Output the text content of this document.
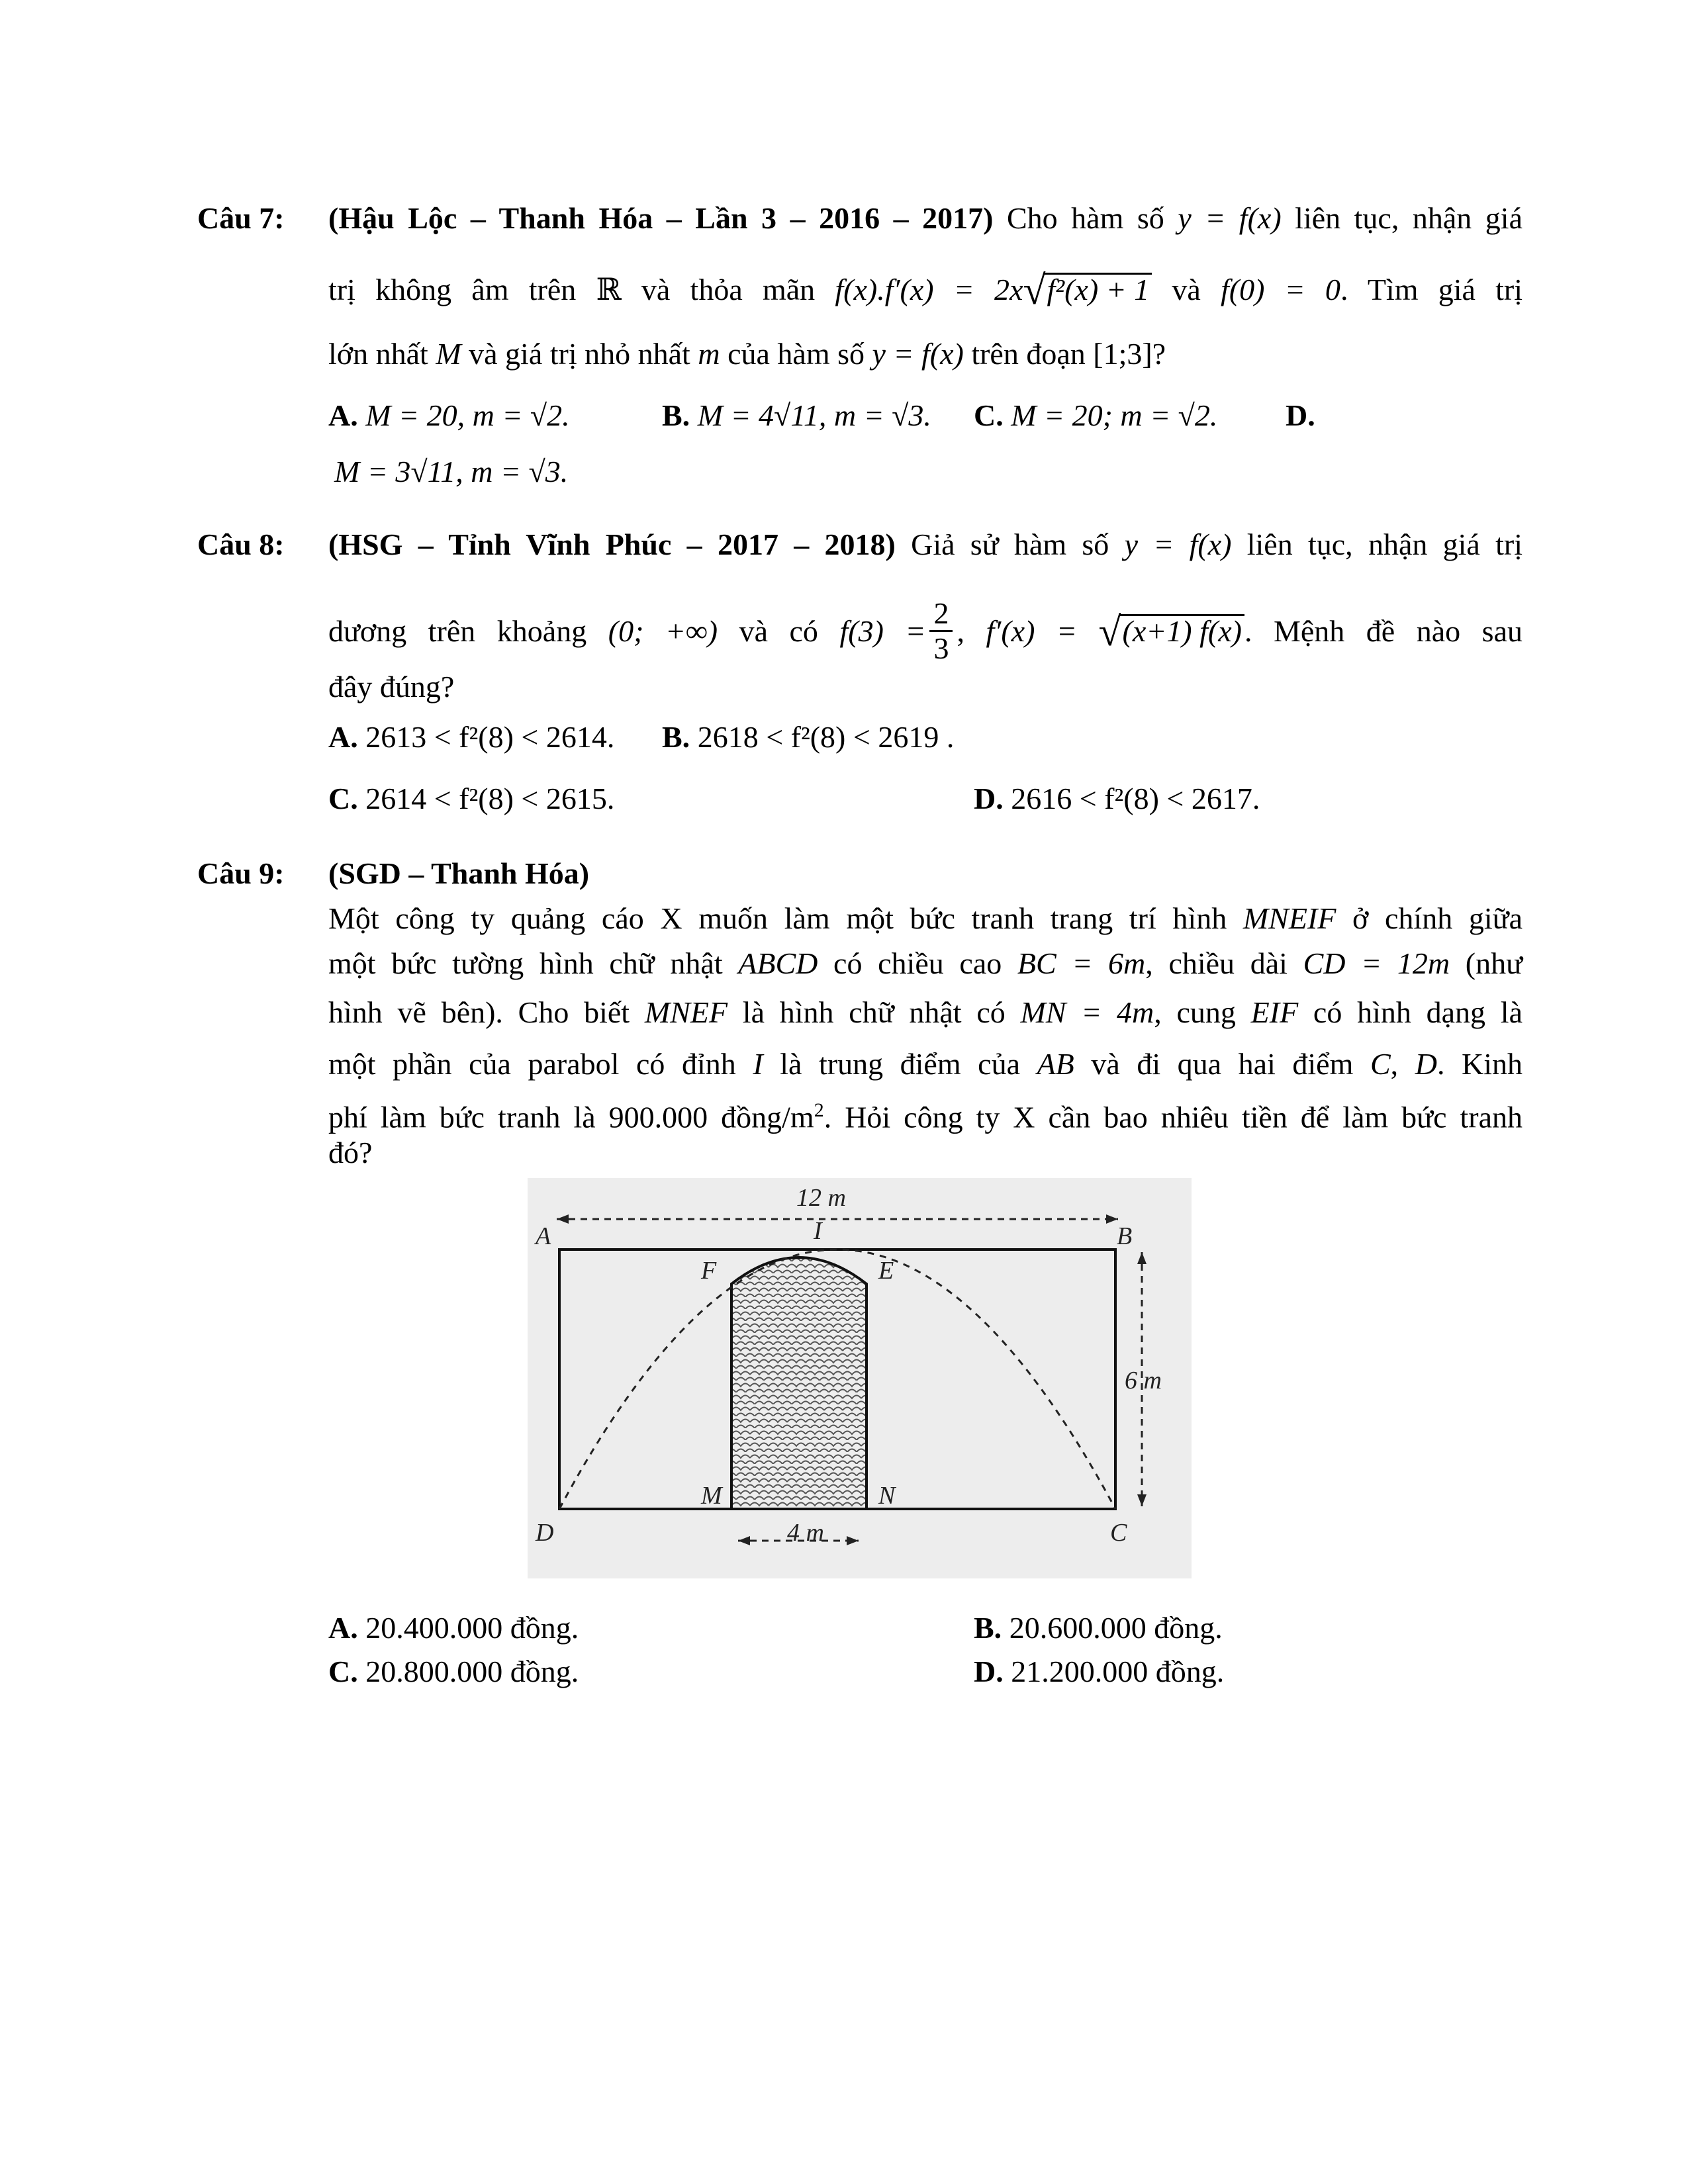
Câu 7: (Hậu Lộc – Thanh Hóa – Lần 3 – 2016 – 2017) Cho hàm số y = f(x) liên tục, nhận giá
trị không âm trên ℝ và thỏa mãn f(x).f′(x) = 2x√f²(x) + 1 và f(0) = 0. Tìm giá trị
lớn nhất M và giá trị nhỏ nhất m của hàm số y = f(x) trên đoạn [1;3]?
A. M = 20, m = √2.	B. M = 4√11, m = √3. C. M = 20; m = √2. D.
M = 3√11, m = √3.
Câu 8: (HSG – Tỉnh Vĩnh Phúc – 2017 – 2018) Giả sử hàm số y = f(x) liên tục, nhận giá trị
dương trên khoảng (0; +∞) và có $f(3) = \frac{2}{3}$ , f′(x) = √(x+1) f(x). Mệnh đề nào sau
đây đúng?
A. 2613 < f²(8) < 2614. B. 2618 < f²(8) < 2619 .
C. 2614 < f²(8) < 2615.	D. 2616 < f²(8) < 2617.
Câu 9: (SGD – Thanh Hóa)
Một công ty quảng cáo X muốn làm một bức tranh trang trí hình MNEIF ở chính giữa
một bức tường hình chữ nhật ABCD có chiều cao BC = 6m, chiều dài CD = 12m (như
hình vẽ bên). Cho biết MNEF là hình chữ nhật có MN = 4m, cung EIF có hình dạng là
một phần của parabol có đỉnh I là trung điểm của AB và đi qua hai điểm C, D. Kinh
phí làm bức tranh là 900.000 đồng/$m^2$. Hỏi công ty X cần bao nhiêu tiền để làm bức tranh
đó?
12 m
6 m
4 m
A	B
C
D
I
F	E
M	N
A. 20.400.000 đồng.	B. 20.600.000 đồng.
C. 20.800.000 đồng.	D. 21.200.000 đồng.
